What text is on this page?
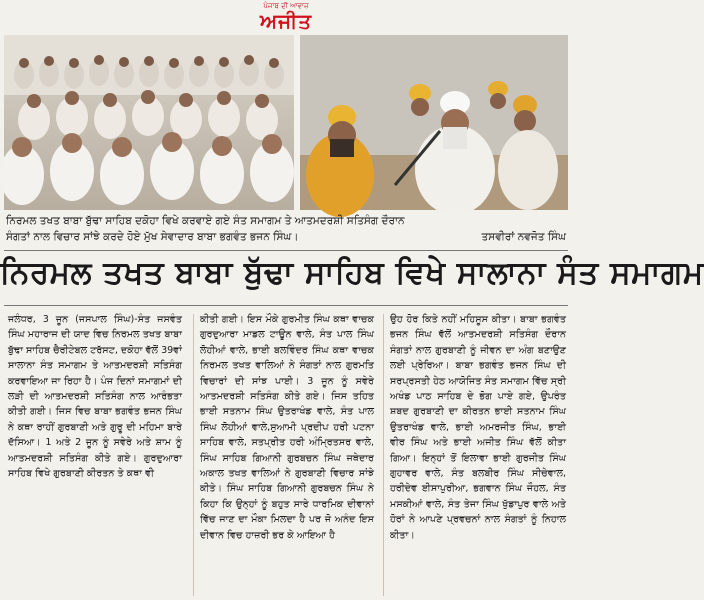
ਪੰਜਾਬ ਦੀ ਆਵਾਜ਼
ਅਜੀਤ
ਨਿਰਮਲ ਤਖਤ ਬਾਬਾ ਬੁੱਢਾ ਸਾਹਿਬ ਦਕੋਹਾ ਵਿਖੇ ਕਰਵਾਏ ਗਏ ਸੰਤ ਸਮਾਗਮ ਤੇ ਆਤਮਦਰਸ਼ੀ ਸਤਿਸੰਗ ਦੌਰਾਨ
ਸੰਗਤਾਂ ਨਾਲ ਵਿਚਾਰ ਸਾਂਝੇ ਕਰਦੇ ਹੋਏ ਮੁੱਖ ਸੇਵਾਦਾਰ ਬਾਬਾ ਭਗਵੰਤ ਭਜਨ ਸਿੰਘ।	ਤਸਵੀਰਾਂ ਨਵਜੋਤ ਸਿੰਘ
ਨਿਰਮਲ ਤਖਤ ਬਾਬਾ ਬੁੱਢਾ ਸਾਹਿਬ ਵਿਖੇ ਸਾਲਾਨਾ ਸੰਤ ਸਮਾਗਮ

ਜਲੰਧਰ, 3 ਜੂਨ (ਜਸਪਾਲ ਸਿੰਘ)-ਸੰਤ ਜਸਵੰਤ ਸਿੰਘ ਮਹਾਰਾਜ ਦੀ ਯਾਦ ਵਿਚ ਨਿਰਮਲ ਤਖਤ ਬਾਬਾ ਬੁੱਢਾ ਸਾਹਿਬ ਚੈਰੀਟੇਬਲ ਟਰੱਸਟ, ਦਕੋਹਾ ਵੱਲੋਂ 39ਵਾਂ ਸਾਲਾਨਾ ਸੰਤ ਸਮਾਗਮ ਤੇ ਆਤਮਦਰਸ਼ੀ ਸਤਿਸੰਗ ਕਰਵਾਇਆ ਜਾ ਰਿਹਾ ਹੈ। ਪੰਜ ਦਿਨਾਂ ਸਮਾਗਮਾਂ ਦੀ ਲੜੀ ਦੀ ਆਤਮਦਰਸ਼ੀ ਸਤਿਸੰਗ ਨਾਲ ਆਰੰਭਤਾ ਕੀਤੀ ਗਈ। ਜਿਸ ਵਿਚ ਬਾਬਾ ਭਗਵੰਤ ਭਜਨ ਸਿੰਘ ਨੇ ਕਥਾ ਰਾਹੀਂ ਗੁਰਬਾਣੀ ਅਤੇ ਗੁਰੂ ਦੀ ਮਹਿਮਾ ਬਾਰੇ ਦੱਸਿਆ। 1 ਅਤੇ 2 ਜੂਨ ਨੂੰ ਸਵੇਰੇ ਅਤੇ ਸ਼ਾਮ ਨੂੰ ਆਤਮਦਰਸ਼ੀ ਸਤਿਸੰਗ ਕੀਤੇ ਗਏ। ਗੁਰਦੁਆਰਾ ਸਾਹਿਬ ਵਿਖੇ ਗੁਰਬਾਣੀ ਕੀਰਤਨ ਤੇ ਕਥਾ ਵੀ

ਕੀਤੀ ਗਈ। ਇਸ ਮੌਕੇ ਗੁਰਮੀਤ ਸਿੰਘ ਕਥਾ ਵਾਚਕ ਗੁਰਦੁਆਰਾ ਮਾਡਲ ਟਾਊਨ ਵਾਲੇ, ਸੰਤ ਪਾਲ ਸਿੰਘ ਲੋਹੀਆਂ ਵਾਲੇ, ਭਾਈ ਬਲਵਿੰਦਰ ਸਿੰਘ ਕਥਾ ਵਾਚਕ ਨਿਰਮਲ ਤਖਤ ਵਾਲਿਆਂ ਨੇ ਸੰਗਤਾਂ ਨਾਲ ਗੁਰਮਤਿ ਵਿਚਾਰਾਂ ਦੀ ਸਾਂਝ ਪਾਈ। 3 ਜੂਨ ਨੂੰ ਸਵੇਰੇ ਆਤਮਦਰਸ਼ੀ ਸਤਿਸੰਗ ਕੀਤੇ ਗਏ। ਜਿਸ ਤਹਿਤ ਭਾਈ ਸਤਨਾਮ ਸਿੰਘ ਉਤਰਾਖੰਡ ਵਾਲੇ, ਸੰਤ ਪਾਲ ਸਿੰਘ ਲੋਹੀਆਂ ਵਾਲੇ,ਸੁਆਮੀ ਪ੍ਰਦੀਪ ਹਰੀ ਪਟਨਾ ਸਾਹਿਬ ਵਾਲੇ, ਸਤਪ੍ਰੀਤ ਹਰੀ ਅੰਮ੍ਰਿਤਸਰ ਵਾਲੇ, ਸਿੰਘ ਸਾਹਿਬ ਗਿਆਨੀ ਗੁਰਬਚਨ ਸਿੰਘ ਜਥੇਦਾਰ ਅਕਾਲ ਤਖਤ ਵਾਲਿਆਂ ਨੇ ਗੁਰਬਾਣੀ ਵਿਚਾਰ ਸਾਂਝੇ ਕੀਤੇ। ਸਿੰਘ ਸਾਹਿਬ ਗਿਆਨੀ ਗੁਰਬਚਨ ਸਿੰਘ ਨੇ ਕਿਹਾ ਕਿ ਉਨ੍ਹਾਂ ਨੂੰ ਬਹੁਤ ਸਾਰੇ ਧਾਰਮਿਕ ਦੀਵਾਨਾਂ ਵਿੱਚ ਜਾਣ ਦਾ ਮੌਕਾ ਮਿਲਦਾ ਹੈ ਪਰ ਜੋ ਅਨੰਦ ਇਸ ਦੀਵਾਨ ਵਿਚ ਹਾਜ਼ਰੀ ਭਰ ਕੇ ਆਇਆ ਹੈ

ਉਹ ਹੋਰ ਕਿਤੇ ਨਹੀਂ ਮਹਿਸੂਸ ਕੀਤਾ। ਬਾਬਾ ਭਗਵੰਤ ਭਜਨ ਸਿੰਘ ਵੱਲੋਂ ਆਤਮਦਰਸ਼ੀ ਸਤਿਸੰਗ ਦੌਰਾਨ ਸੰਗਤਾਂ ਨਾਲ ਗੁਰਬਾਣੀ ਨੂੰ ਜੀਵਨ ਦਾ ਅੰਗ ਬਣਾਉਣ ਲਈ ਪ੍ਰੇਰਿਆ। ਬਾਬਾ ਭਗਵੰਤ ਭਜਨ ਸਿੰਘ ਦੀ ਸਰਪ੍ਰਸਤੀ ਹੇਠ ਆਯੋਜਿਤ ਸੰਤ ਸਮਾਗਮ ਵਿੱਚ ਸ੍ਰੀ ਅਖੰਡ ਪਾਠ ਸਾਹਿਬ ਦੇ ਭੋਗ ਪਾਏ ਗਏ, ਉਪਰੰਤ ਸ਼ਬਦ ਗੁਰਬਾਣੀ ਦਾ ਕੀਰਤਨ ਭਾਈ ਸਤਨਾਮ ਸਿੰਘ ਉਤਰਾਖੰਡ ਵਾਲੇ, ਭਾਈ ਅਮਰਜੀਤ ਸਿੰਘ, ਭਾਈ ਵੀਰ ਸਿੰਘ ਅਤੇ ਭਾਈ ਅਜੀਤ ਸਿੰਘ ਵੱਲੋਂ ਕੀਤਾ ਗਿਆ। ਇਨ੍ਹਾਂ ਤੋਂ ਇਲਾਵਾ ਭਾਈ ਗੁਰਜੀਤ ਸਿੰਘ ਗੁਹਾਵਰ ਵਾਲੇ, ਸੰਤ ਬਲਬੀਰ ਸਿੰਘ ਸੀਚੇਵਾਲ, ਹਰੀਦੇਵ ਈਸਾਪੁਰੀਆ, ਭਗਵਾਨ ਸਿੰਘ ਜੌਹਲ, ਸੰਤ ਮਸਕੀਆਂ ਵਾਲੇ, ਸੰਤ ਤੇਜਾ ਸਿੰਘ ਖੁੱਡਾਪੁਰ ਵਾਲੇ ਅਤੇ ਹੋਰਾਂ ਨੇ ਆਪਣੇ ਪ੍ਰਵਚਨਾਂ ਨਾਲ ਸੰਗਤਾਂ ਨੂੰ ਨਿਹਾਲ ਕੀਤਾ।
